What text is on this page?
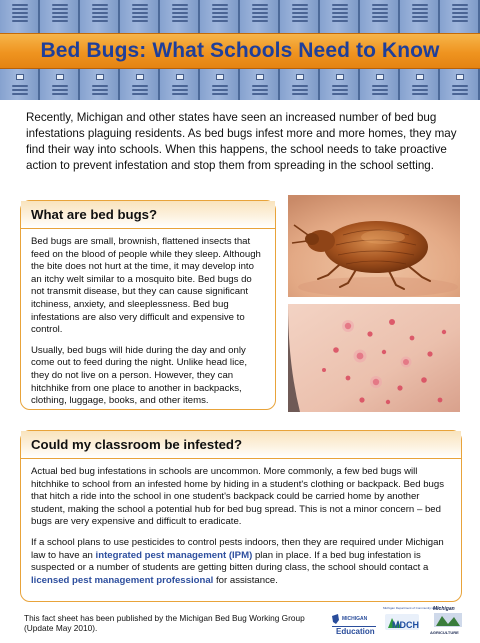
Bed Bugs: What Schools Need to Know

Recently, Michigan and other states have seen an increased number of bed bug infestations plaguing residents. As bed bugs infest more and more homes, they may find their way into schools. When this happens, the school needs to take proactive action to prevent infestation and stop them from spreading in the school setting.

What are bed bugs?

Bed bugs are small, brownish, flattened insects that feed on the blood of people while they sleep. Although the bite does not hurt at the time, it may develop into an itchy welt similar to a mosquito bite. Bed bugs do not transmit disease, but they can cause significant itchiness, anxiety, and sleeplessness. Bed bug infestations are also very difficult and expensive to control.

Usually, bed bugs will hide during the day and only come out to feed during the night. Unlike head lice, they do not live on a person. However, they can hitchhike from one place to another in backpacks, clothing, luggage, books, and other items.

Could my classroom be infested?

Actual bed bug infestations in schools are uncommon. More commonly, a few bed bugs will hitchhike to school from an infested home by hiding in a student's clothing or backpack. Bed bugs that hitch a ride into the school in one student's backpack could be carried home by another student, making the school a potential hub for bed bug spread. This is not a minor concern – bed bugs are very expensive and difficult to eradicate.

If a school plans to use pesticides to control pests indoors, then they are required under Michigan law to have an integrated pest management (IPM) plan in place. If a bed bug infestation is suspected or a number of students are getting bitten during class, the school should contact a licensed pest management professional for assistance.

This fact sheet has been published by the Michigan Bed Bug Working Group (Update May 2010).

MICHIGAN
Education
Michigan Department of Community Health
MDCH
Michigan
AGRICULTURE
